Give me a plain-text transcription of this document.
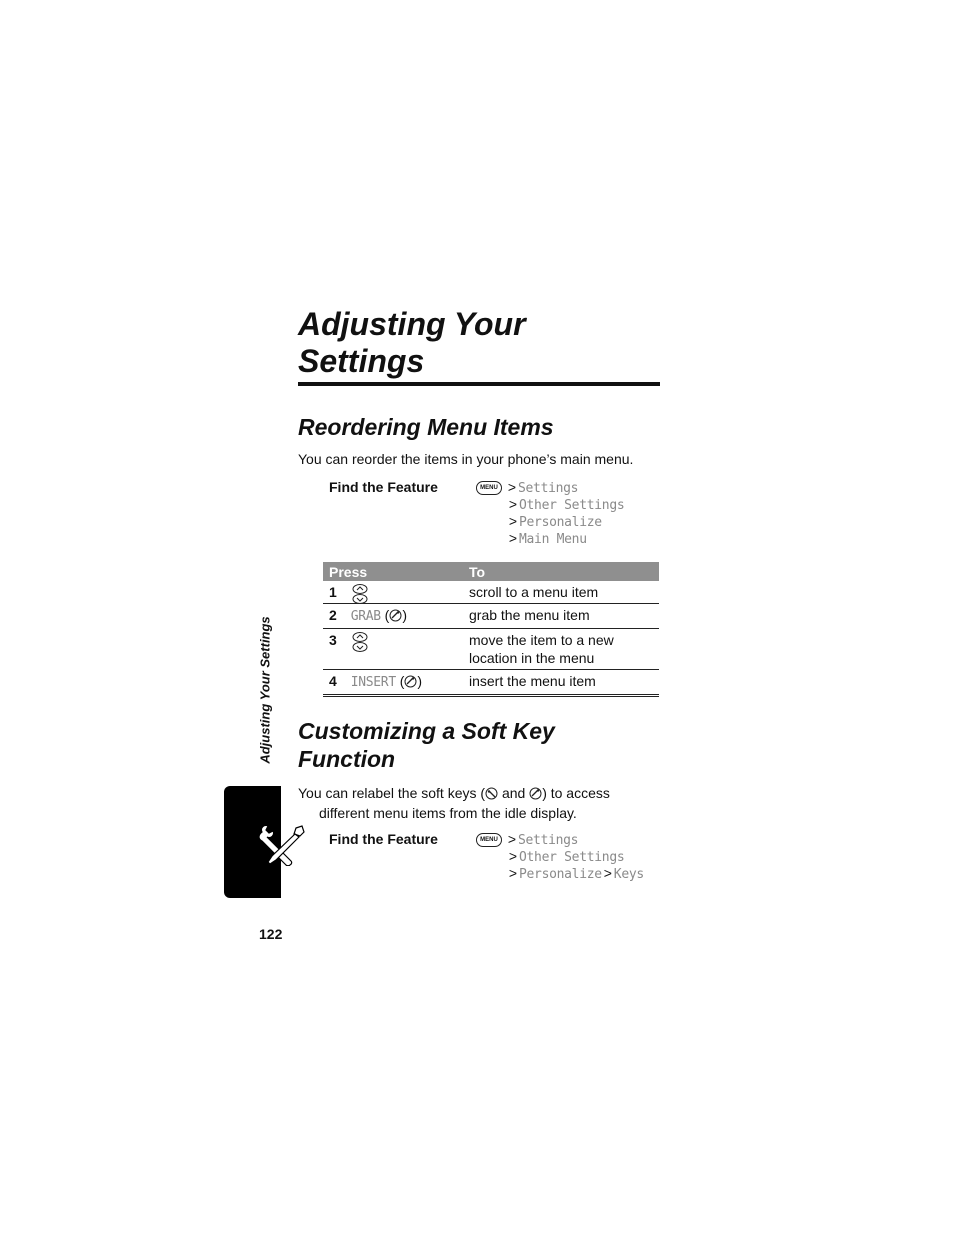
Adjusting Your
Settings
Reordering Menu Items
You can reorder the items in your phone’s main menu.
Find the Feature	MENU > Settings
> Other Settings
> Personalize
> Main Menu
Press	To
1	scroll to a menu item
2 GRAB ( )	grab the menu item
3	move the item to a new location in the menu
4 INSERT ( )	insert the menu item
Customizing a Soft Key
Function
You can relabel the soft keys ( and ) to access
different menu items from the idle display.
Find the Feature	MENU > Settings
> Other Settings
> Personalize > Keys
Adjusting Your Settings
122
